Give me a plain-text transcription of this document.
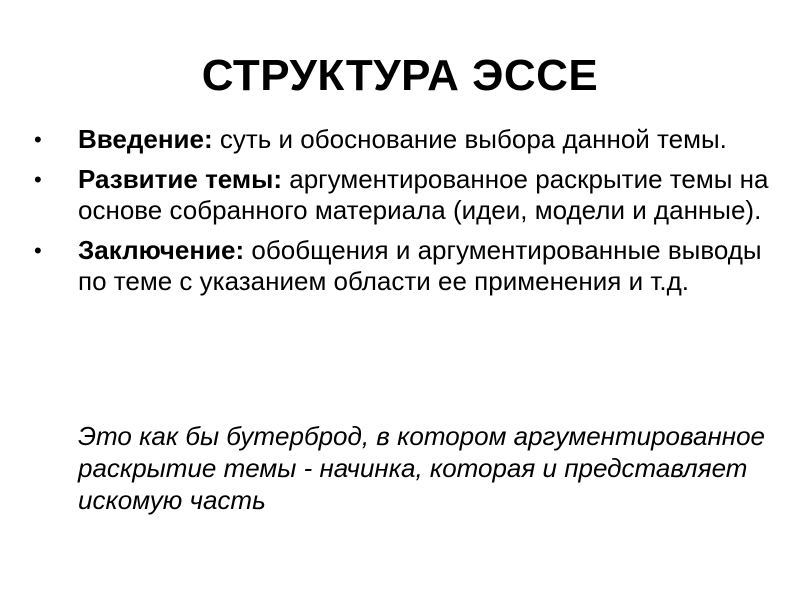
СТРУКТУРА ЭССЕ
• Введение: суть и обоснование выбора данной темы.
• Развитие темы: аргументированное раскрытие темы на основе собранного материала (идеи, модели и данные).
• Заключение: обобщения и аргументированные выводы по теме с указанием области ее применения и т.д.
Это как бы бутерброд, в котором аргументированное раскрытие темы - начинка, которая и представляет искомую часть
